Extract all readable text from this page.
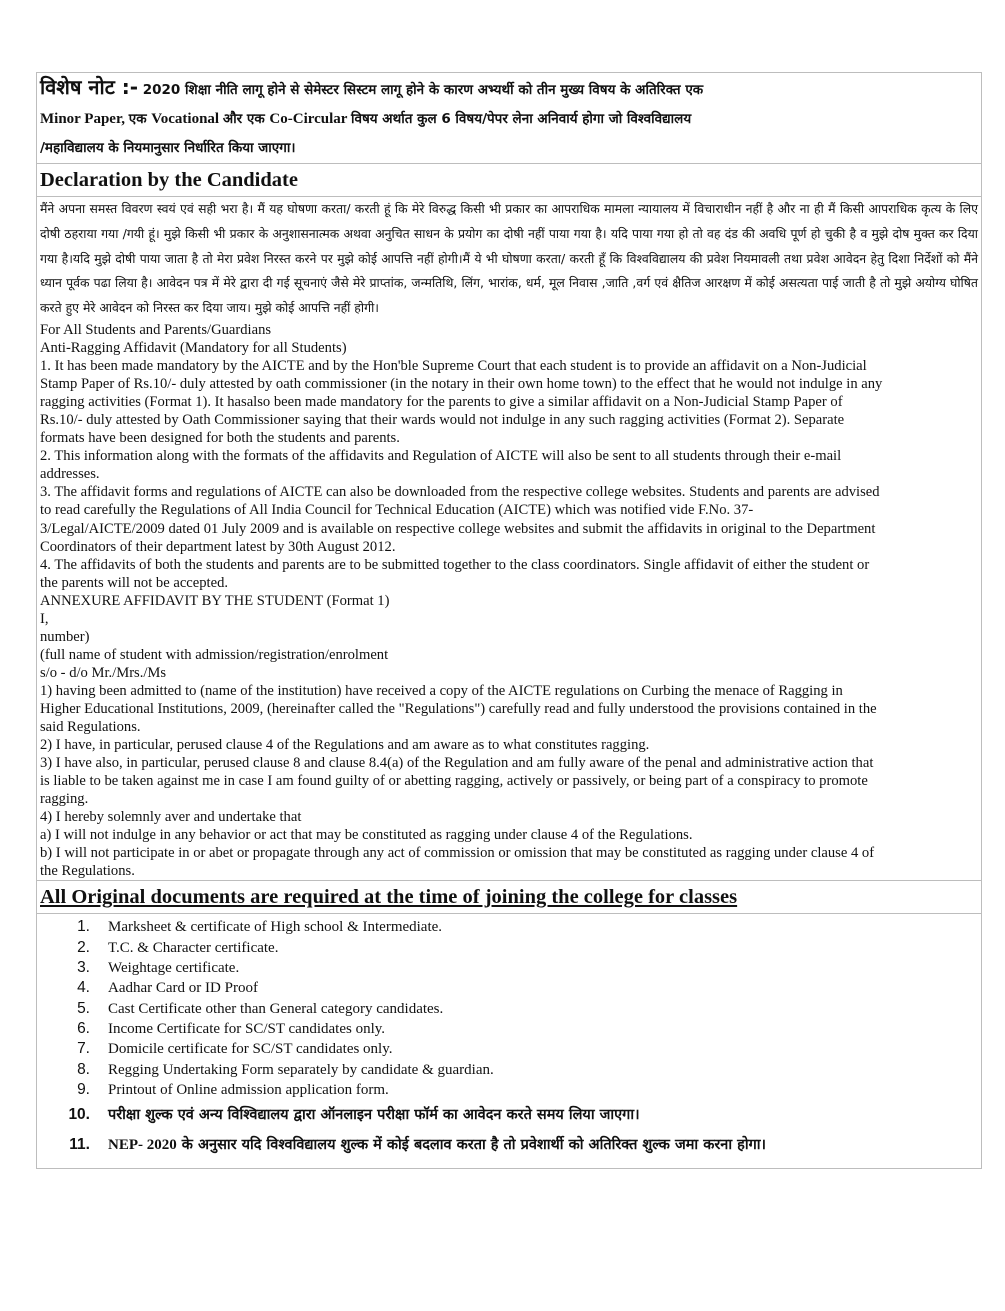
विशेष नोट :- 2020 शिक्षा नीति लागू होने से सेमेस्टर सिस्टम लागू होने के कारण अभ्यर्थी को तीन मुख्य विषय के अतिरिक्त एक

Minor Paper, एक Vocational और एक Co-Circular विषय अर्थात कुल 6 विषय/पेपर लेना अनिवार्य होगा जो विश्वविद्यालय

/महाविद्यालय के नियमानुसार निर्धारित किया जाएगा।

Declaration by the Candidate

मैंने अपना समस्त विवरण स्वयं एवं सही भरा है। मैं यह घोषणा करता/ करती हूं कि मेरे विरुद्ध किसी भी प्रकार का आपराधिक मामला न्यायालय में विचाराधीन नहीं है और ना ही मैं किसी आपराधिक कृत्य के लिए दोषी ठहराया गया /गयी हूं। मुझे किसी भी प्रकार के अनुशासनात्मक अथवा अनुचित साधन के प्रयोग का दोषी नहीं पाया गया है। यदि पाया गया हो तो वह दंड की अवधि पूर्ण हो चुकी है व मुझे दोष मुक्त कर दिया गया है।यदि मुझे दोषी पाया जाता है तो मेरा प्रवेश निरस्त करने पर मुझे कोई आपत्ति नहीं होगी।मैं ये भी घोषणा करता/ करती हूँ कि विश्वविद्यालय की प्रवेश नियमावली तथा प्रवेश आवेदन हेतु दिशा निर्देशों को मैंने ध्यान पूर्वक पढा लिया है। आवेदन पत्र में मेरे द्वारा दी गई सूचनाएं जैसे मेरे प्राप्तांक, जन्मतिथि, लिंग, भारांक, धर्म, मूल निवास ,जाति ,वर्ग एवं क्षैतिज आरक्षण में कोई असत्यता पाई जाती है तो मुझे अयोग्य घोषित करते हुए मेरे आवेदन को निरस्त कर दिया जाय। मुझे कोई आपत्ति नहीं होगी।

For All Students and Parents/Guardians

Anti-Ragging Affidavit (Mandatory for all Students)

1. It has been made mandatory by the AICTE and by the Hon'ble Supreme Court that each student is to provide an affidavit on a Non-Judicial

Stamp Paper of Rs.10/- duly attested by oath commissioner (in the notary in their own home town) to the effect that he would not indulge in any

ragging activities (Format 1). It hasalso been made mandatory for the parents to give a similar affidavit on a Non-Judicial Stamp Paper of

Rs.10/- duly attested by Oath Commissioner saying that their wards would not indulge in any such ragging activities (Format 2). Separate

formats have been designed for both the students and parents.

2. This information along with the formats of the affidavits and Regulation of AICTE will also be sent to all students through their e-mail

addresses.

3. The affidavit forms and regulations of AICTE can also be downloaded from the respective college websites. Students and parents are advised

to read carefully the Regulations of All India Council for Technical Education (AICTE) which was notified vide F.No. 37-

3/Legal/AICTE/2009 dated 01 July 2009 and is available on respective college websites and submit the affidavits in original to the Department

Coordinators of their department latest by 30th August 2012.

4. The affidavits of both the students and parents are to be submitted together to the class coordinators. Single affidavit of either the student or

the parents will not be accepted.

ANNEXURE AFFIDAVIT BY THE STUDENT (Format 1)

I,

number)

(full name of student with admission/registration/enrolment

s/o - d/o Mr./Mrs./Ms

1) having been admitted to (name of the institution) have received a copy of the AICTE regulations on Curbing the menace of Ragging in

Higher Educational Institutions, 2009, (hereinafter called the "Regulations") carefully read and fully understood the provisions contained in the

said Regulations.

2) I have, in particular, perused clause 4 of the Regulations and am aware as to what constitutes ragging.

3) I have also, in particular, perused clause 8 and clause 8.4(a) of the Regulation and am fully aware of the penal and administrative action that

is liable to be taken against me in case I am found guilty of or abetting ragging, actively or passively, or being part of a conspiracy to promote

ragging.

4) I hereby solemnly aver and undertake that

a) I will not indulge in any behavior or act that may be constituted as ragging under clause 4 of the Regulations.

b) I will not participate in or abet or propagate through any act of commission or omission that may be constituted as ragging under clause 4 of

the Regulations.

All Original documents are required at the time of joining the college for classes

1.	Marksheet & certificate of High school & Intermediate.
2.	T.C. & Character certificate.
3.	Weightage certificate.
4.	Aadhar Card or ID Proof
5.	Cast Certificate other than General category candidates.
6.	Income Certificate for SC/ST candidates only.
7.	Domicile certificate for SC/ST candidates only.
8.	Regging Undertaking Form separately by candidate & guardian.
9.	Printout of Online admission application form.
10.	परीक्षा शुल्क एवं अन्य विश्विद्यालय द्वारा ऑनलाइन परीक्षा फॉर्म का आवेदन करते समय लिया जाएगा।
11.	NEP- 2020 के अनुसार यदि विश्वविद्यालय शुल्क में कोई बदलाव करता है तो प्रवेशार्थी को अतिरिक्त शुल्क जमा करना होगा।
